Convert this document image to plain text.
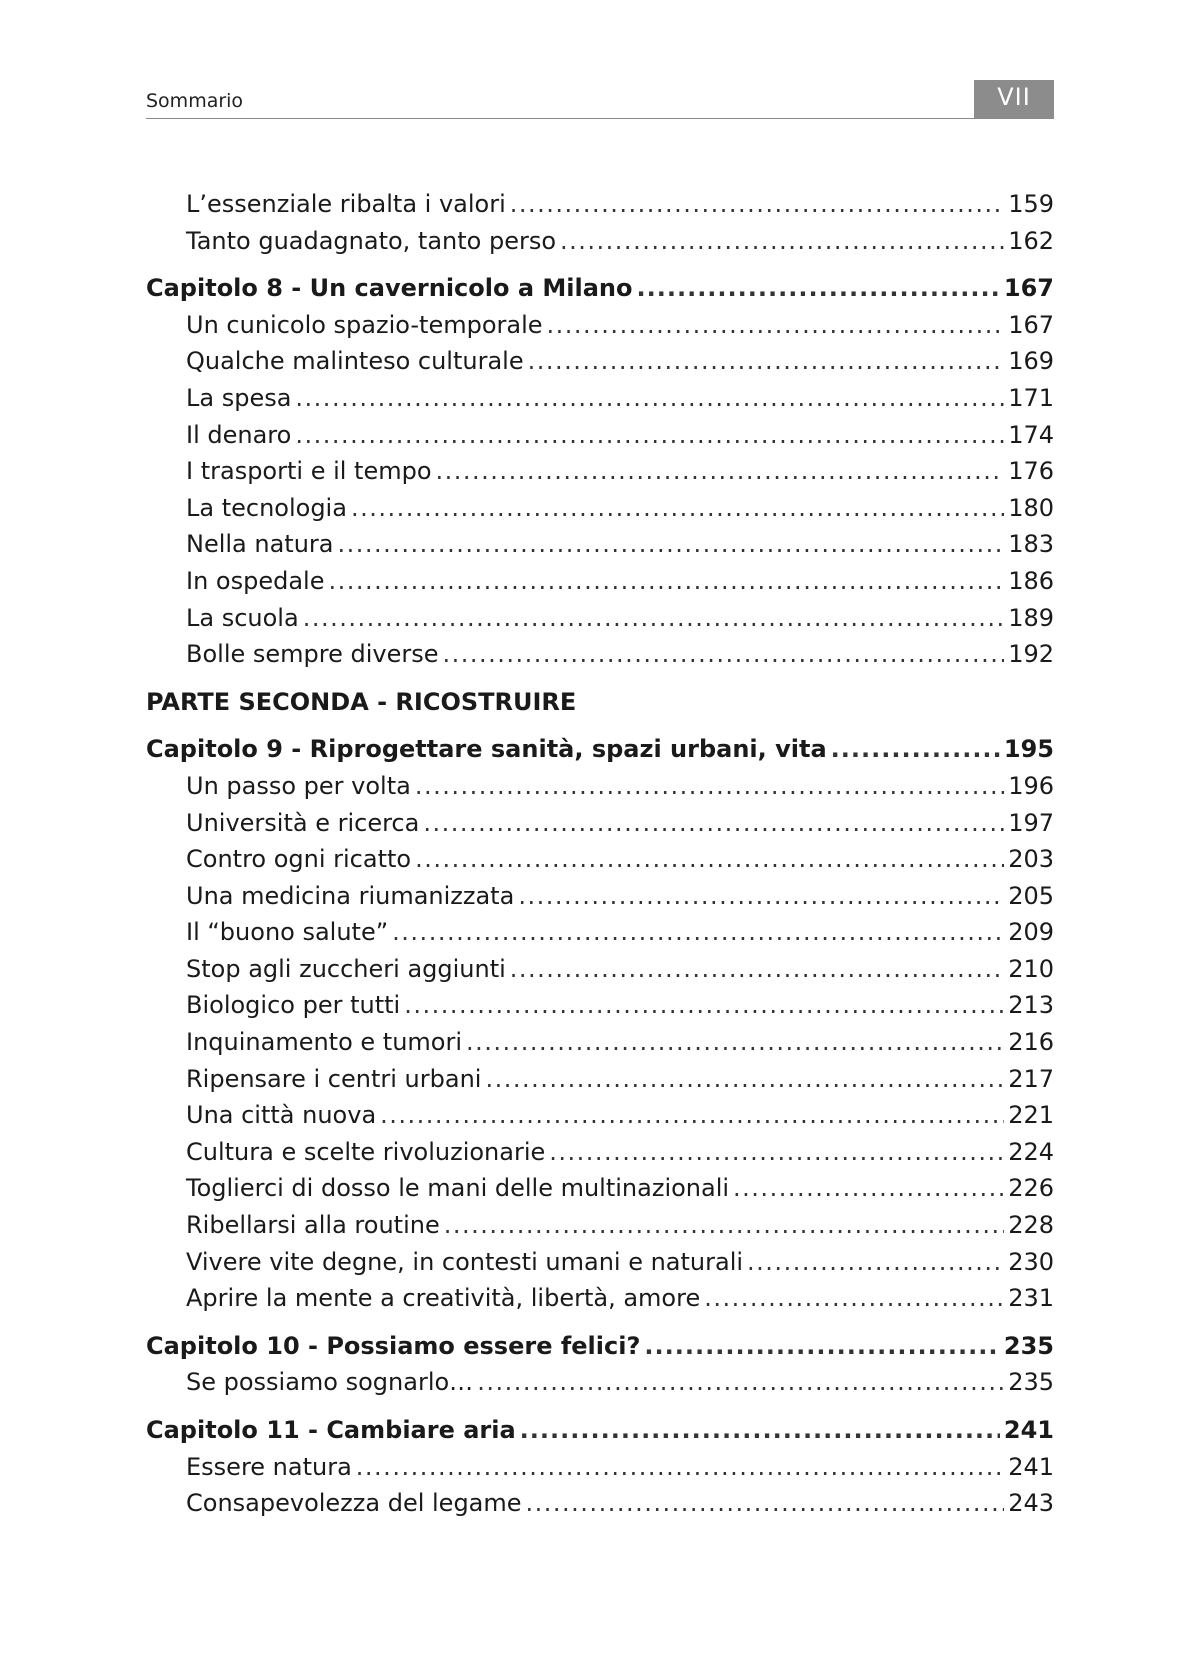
Sommario	VII
L’essenziale ribalta i valori .....	159
Tanto guadagnato, tanto perso .....	162
Capitolo 8 - Un cavernicolo a Milano .....	167
Un cunicolo spazio-temporale .....	167
Qualche malinteso culturale .....	169
La spesa .....	171
Il denaro .....	174
I trasporti e il tempo .....	176
La tecnologia .....	180
Nella natura .....	183
In ospedale .....	186
La scuola .....	189
Bolle sempre diverse .....	192
PARTE SECONDA - RICOSTRUIRE
Capitolo 9 - Riprogettare sanità, spazi urbani, vita .....	195
Un passo per volta .....	196
Università e ricerca .....	197
Contro ogni ricatto .....	203
Una medicina riumanizzata .....	205
Il “buono salute” .....	209
Stop agli zuccheri aggiunti .....	210
Biologico per tutti .....	213
Inquinamento e tumori .....	216
Ripensare i centri urbani .....	217
Una città nuova .....	221
Cultura e scelte rivoluzionarie .....	224
Toglierci di dosso le mani delle multinazionali .....	226
Ribellarsi alla routine .....	228
Vivere vite degne, in contesti umani e naturali .....	230
Aprire la mente a creatività, libertà, amore .....	231
Capitolo 10 - Possiamo essere felici? .....	235
Se possiamo sognarlo… .....	235
Capitolo 11 - Cambiare aria .....	241
Essere natura .....	241
Consapevolezza del legame .....	243
